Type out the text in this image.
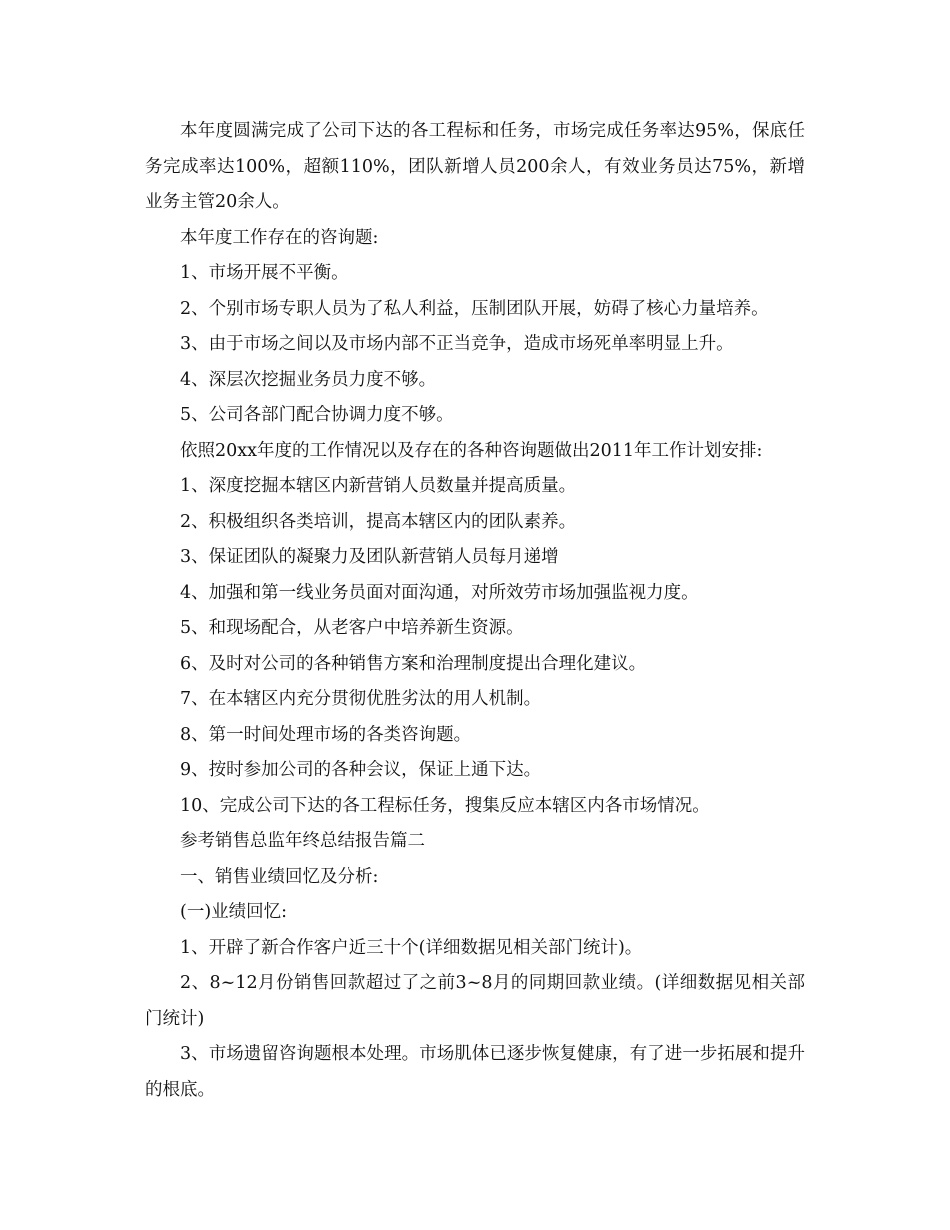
本年度圆满完成了公司下达的各工程标和任务，市场完成任务率达95%，保底任务完成率达100%，超额110%，团队新增人员200余人，有效业务员达75%，新增业务主管20余人。

本年度工作存在的咨询题:

1、市场开展不平衡。

2、个别市场专职人员为了私人利益，压制团队开展，妨碍了核心力量培养。

3、由于市场之间以及市场内部不正当竞争，造成市场死单率明显上升。

4、深层次挖掘业务员力度不够。

5、公司各部门配合协调力度不够。

依照20xx年度的工作情况以及存在的各种咨询题做出2011年工作计划安排:

1、深度挖掘本辖区内新营销人员数量并提高质量。

2、积极组织各类培训，提高本辖区内的团队素养。

3、保证团队的凝聚力及团队新营销人员每月递增

4、加强和第一线业务员面对面沟通，对所效劳市场加强监视力度。

5、和现场配合，从老客户中培养新生资源。

6、及时对公司的各种销售方案和治理制度提出合理化建议。

7、在本辖区内充分贯彻优胜劣汰的用人机制。

8、第一时间处理市场的各类咨询题。

9、按时参加公司的各种会议，保证上通下达。

10、完成公司下达的各工程标任务，搜集反应本辖区内各市场情况。

参考销售总监年终总结报告篇二

一、销售业绩回忆及分析:

(一)业绩回忆:

1、开辟了新合作客户近三十个(详细数据见相关部门统计)。

2、8~12月份销售回款超过了之前3~8月的同期回款业绩。(详细数据见相关部门统计)

3、市场遗留咨询题根本处理。市场肌体已逐步恢复健康，有了进一步拓展和提升的根底。
